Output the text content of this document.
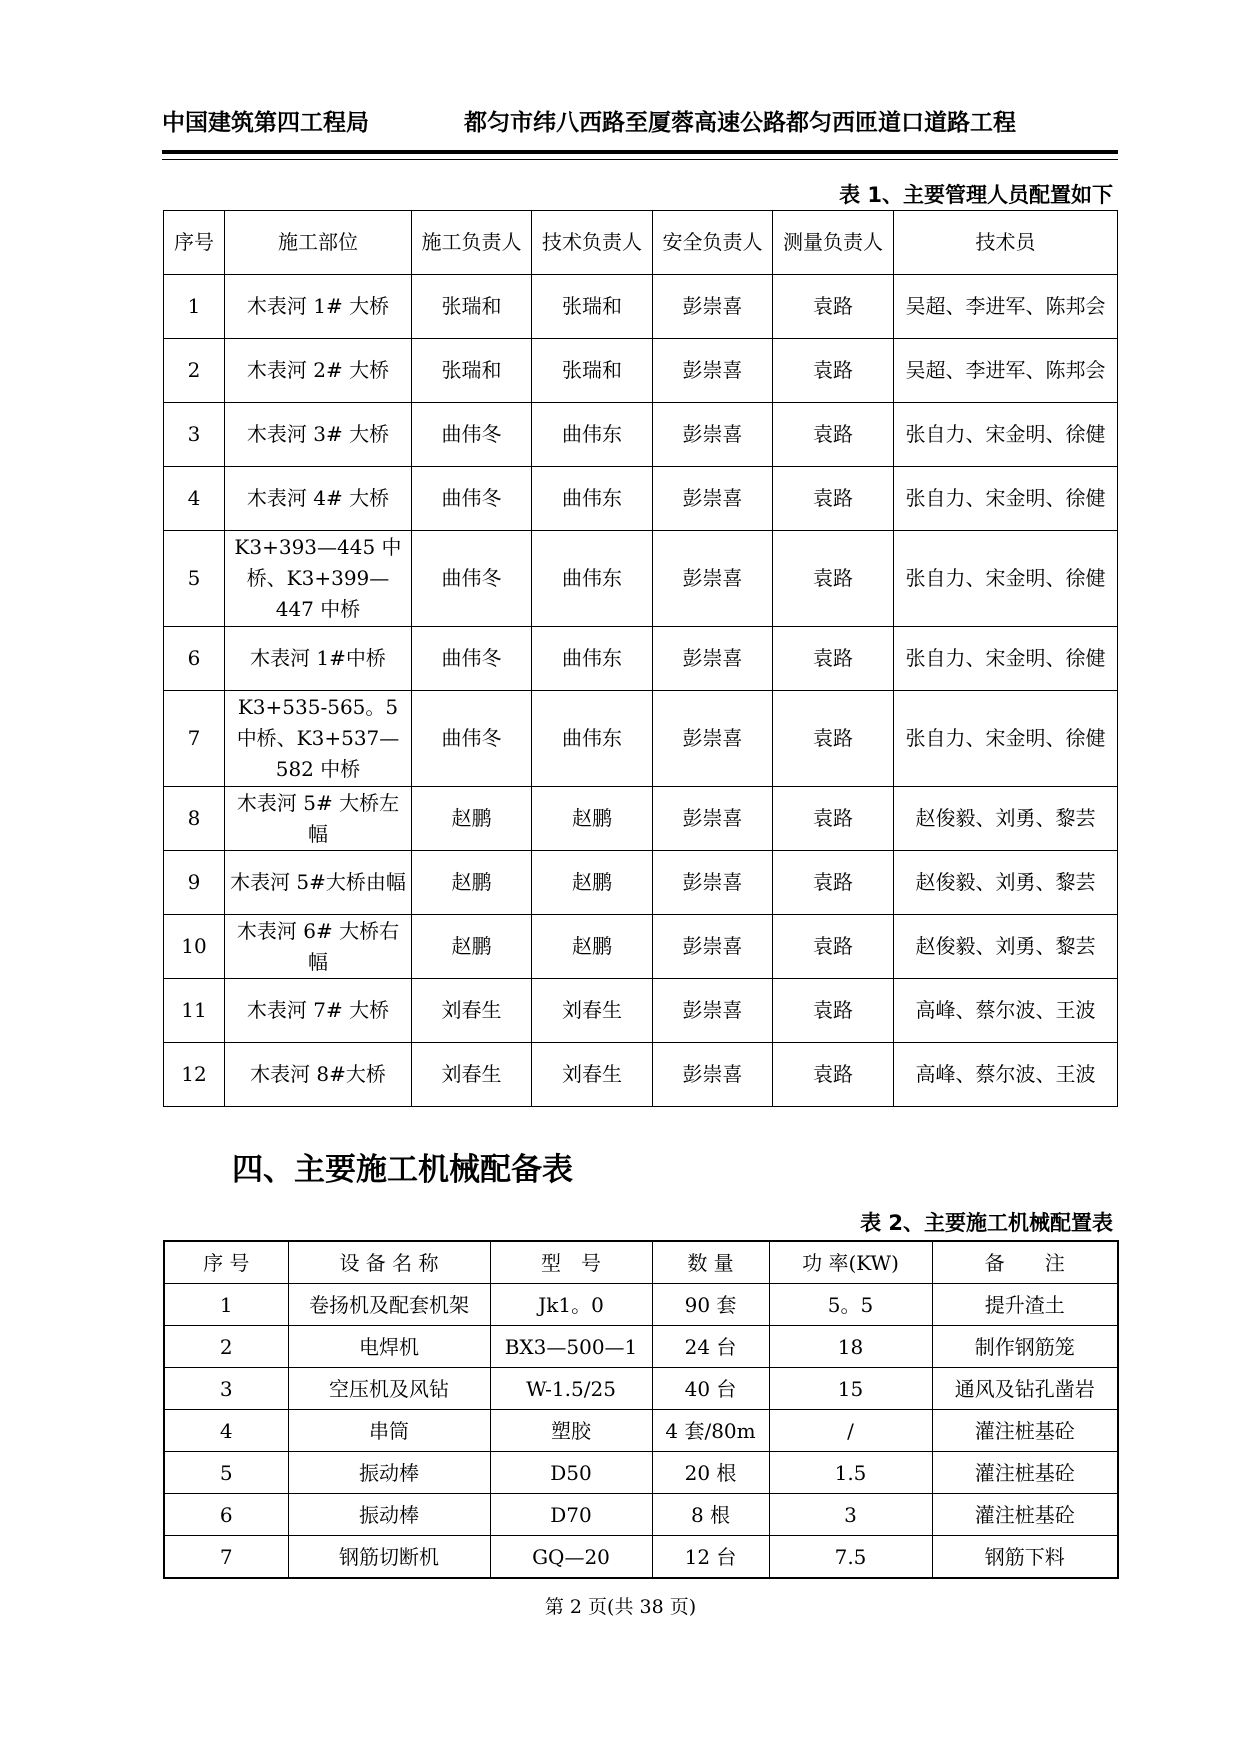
中国建筑第四工程局	都匀市纬八西路至厦蓉高速公路都匀西匝道口道路工程
表 1、主要管理人员配置如下
序号	施工部位	施工负责人	技术负责人	安全负责人	测量负责人	技术员
1	木表河 1# 大桥	张瑞和	张瑞和	彭崇喜	袁路	吴超、李进军、陈邦会
2	木表河 2# 大桥	张瑞和	张瑞和	彭崇喜	袁路	吴超、李进军、陈邦会
3	木表河 3# 大桥	曲伟冬	曲伟东	彭崇喜	袁路	张自力、宋金明、徐健
4	木表河 4# 大桥	曲伟冬	曲伟东	彭崇喜	袁路	张自力、宋金明、徐健
5	K3+393—445 中桥、K3+399—447 中桥	曲伟冬	曲伟东	彭崇喜	袁路	张自力、宋金明、徐健
6	木表河 1#中桥	曲伟冬	曲伟东	彭崇喜	袁路	张自力、宋金明、徐健
7	K3+535-565。5 中桥、K3+537—582 中桥	曲伟冬	曲伟东	彭崇喜	袁路	张自力、宋金明、徐健
8	木表河 5# 大桥左幅	赵鹏	赵鹏	彭崇喜	袁路	赵俊毅、刘勇、黎芸
9	木表河 5#大桥由幅	赵鹏	赵鹏	彭崇喜	袁路	赵俊毅、刘勇、黎芸
10	木表河 6# 大桥右幅	赵鹏	赵鹏	彭崇喜	袁路	赵俊毅、刘勇、黎芸
11	木表河 7# 大桥	刘春生	刘春生	彭崇喜	袁路	高峰、蔡尔波、王波
12	木表河 8#大桥	刘春生	刘春生	彭崇喜	袁路	高峰、蔡尔波、王波
四、主要施工机械配备表
表 2、主要施工机械配置表
序 号	设 备 名 称	型　号	数 量	功 率(KW)	备　　注
1	卷扬机及配套机架	Jk1。0	90 套	5。5	提升渣土
2	电焊机	BX3—500—1	24 台	18	制作钢筋笼
3	空压机及风钻	W-1.5/25	40 台	15	通风及钻孔凿岩
4	串筒	塑胶	4 套/80m	/	灌注桩基砼
5	振动棒	D50	20 根	1.5	灌注桩基砼
6	振动棒	D70	8 根	3	灌注桩基砼
7	钢筋切断机	GQ—20	12 台	7.5	钢筋下料
第 2 页(共 38 页)
